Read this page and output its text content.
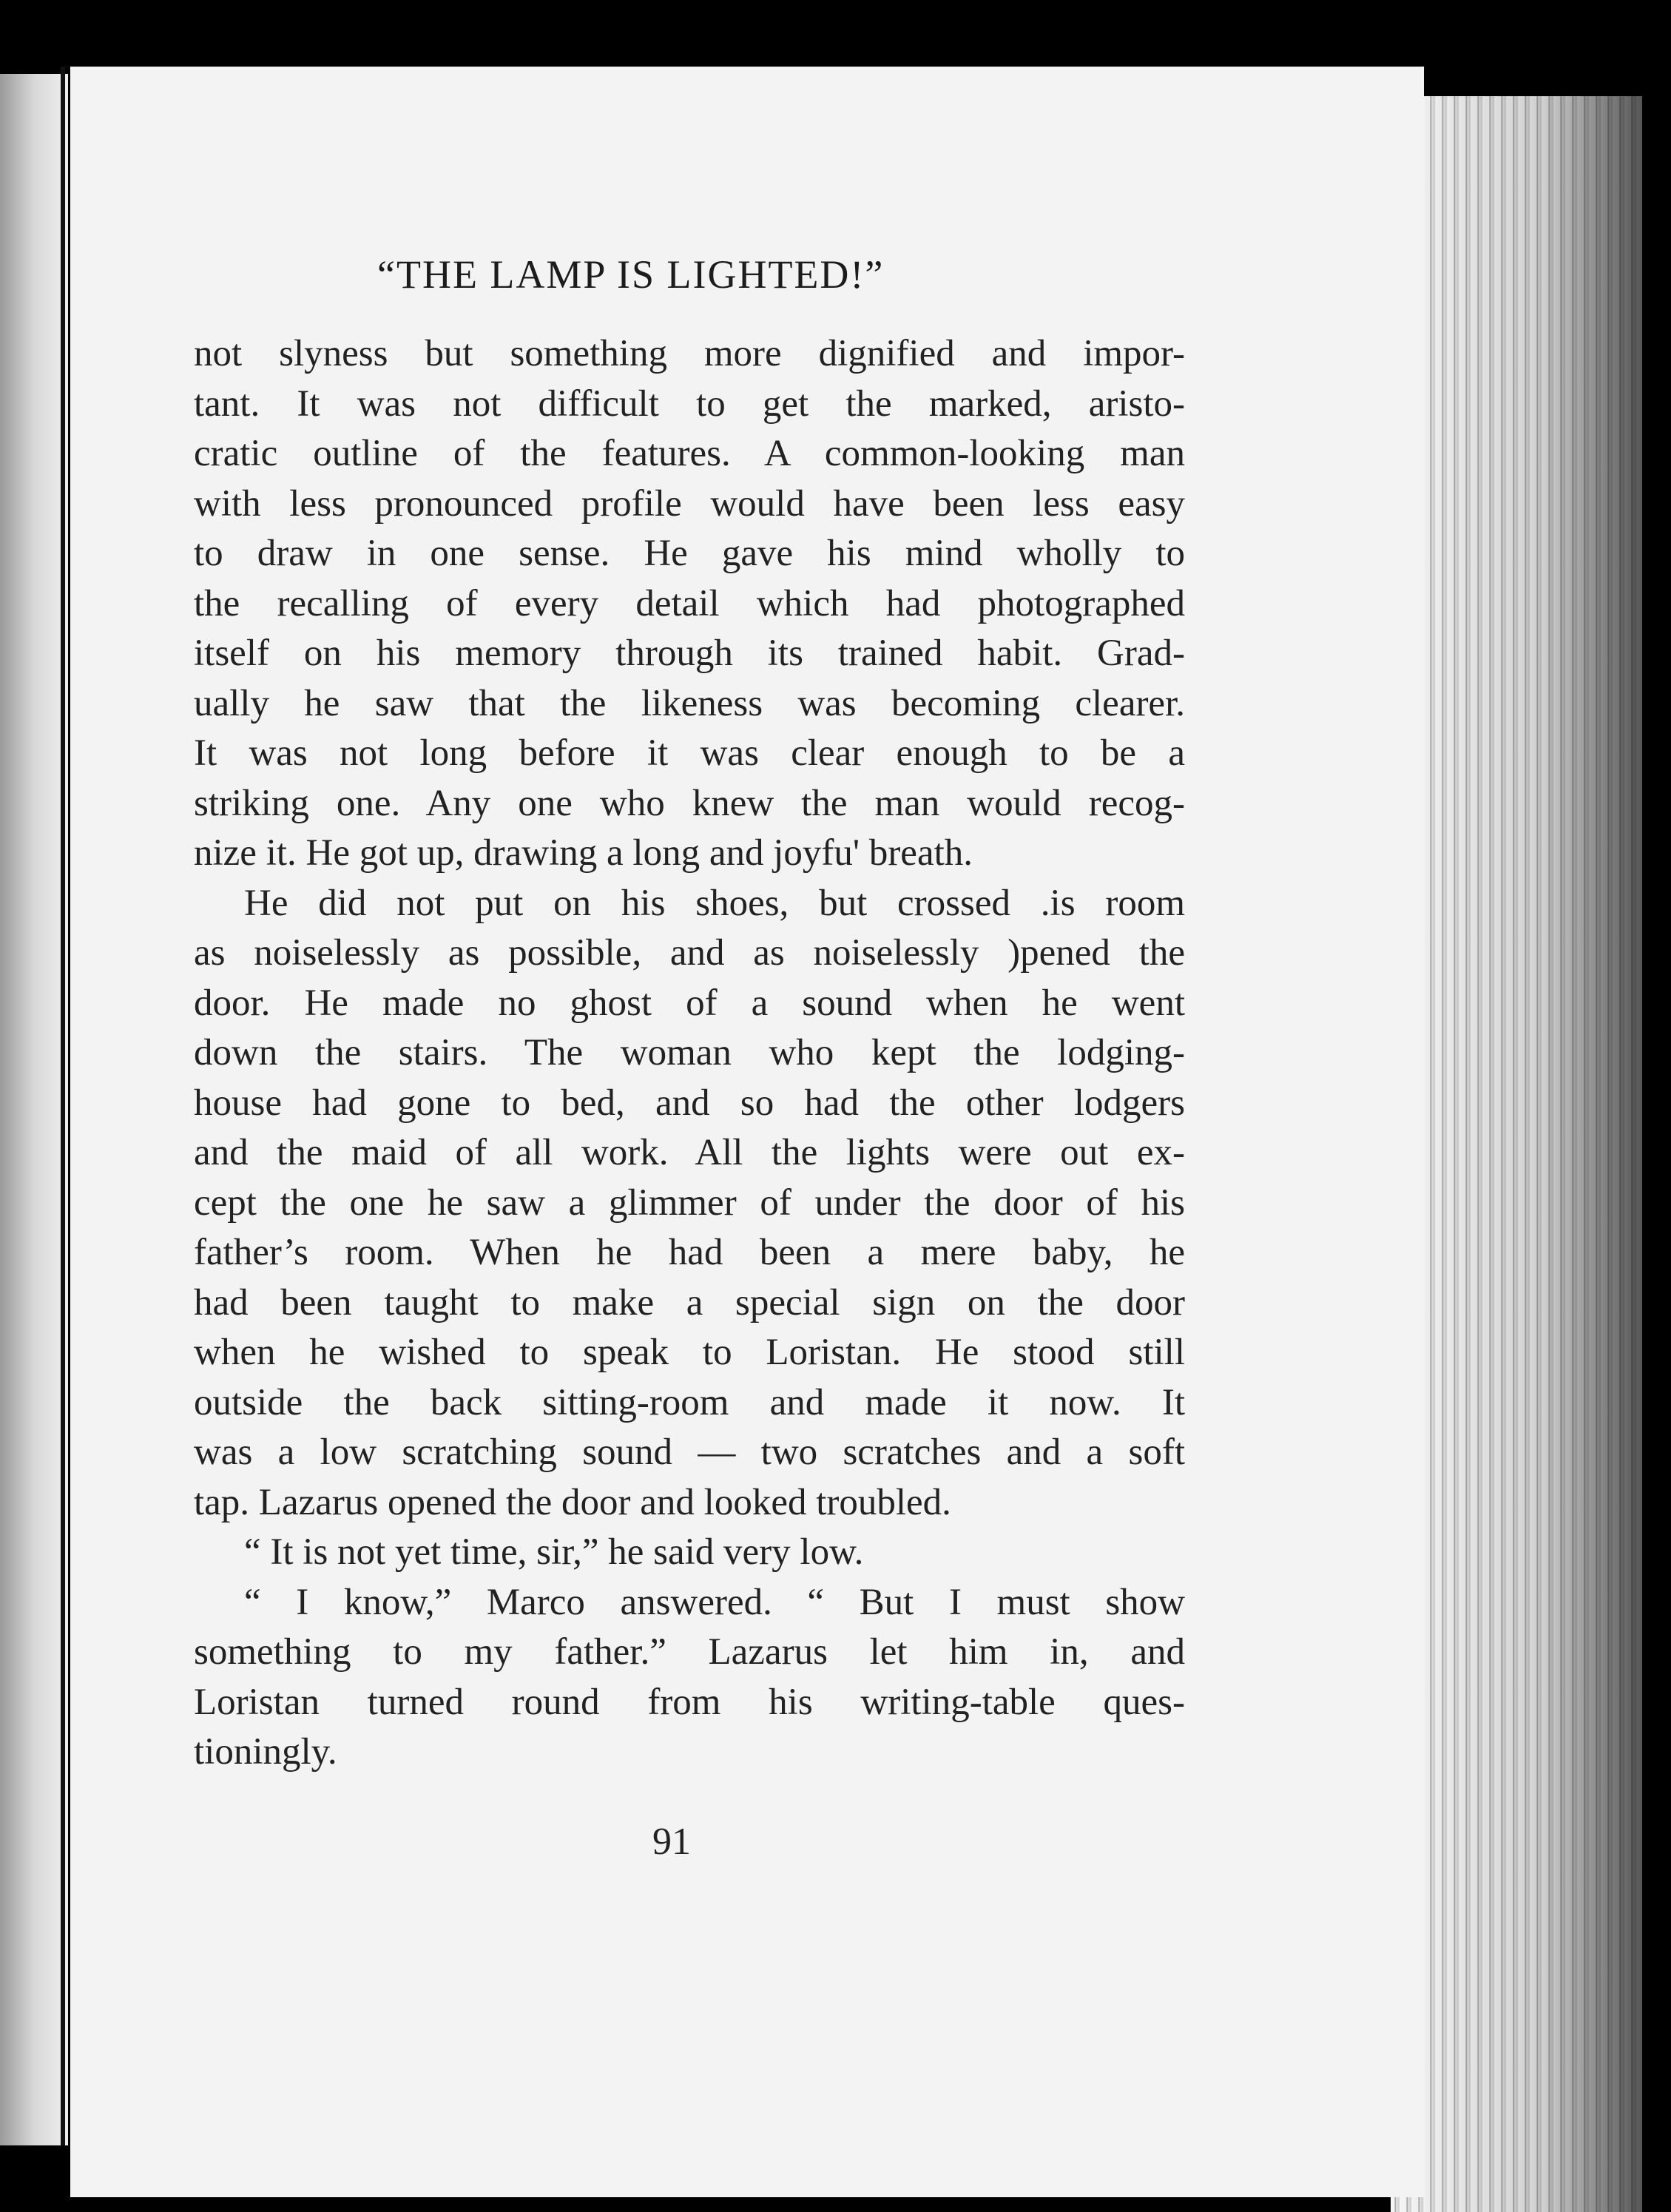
“THE LAMP IS LIGHTED!”
not slyness but something more dignified and impor-
tant. It was not difficult to get the marked, aristo-
cratic outline of the features. A common-looking man
with less pronounced profile would have been less easy
to draw in one sense. He gave his mind wholly to
the recalling of every detail which had photographed
itself on his memory through its trained habit. Grad-
ually he saw that the likeness was becoming clearer.
It was not long before it was clear enough to be a
striking one. Any one who knew the man would recog-
nize it. He got up, drawing a long and joyfu' breath.
He did not put on his shoes, but crossed .is room
as noiselessly as possible, and as noiselessly )pened the
door. He made no ghost of a sound when he went
down the stairs. The woman who kept the lodging-
house had gone to bed, and so had the other lodgers
and the maid of all work. All the lights were out ex-
cept the one he saw a glimmer of under the door of his
father’s room. When he had been a mere baby, he
had been taught to make a special sign on the door
when he wished to speak to Loristan. He stood still
outside the back sitting-room and made it now. It
was a low scratching sound — two scratches and a soft
tap. Lazarus opened the door and looked troubled.
“ It is not yet time, sir,” he said very low.
“ I know,” Marco answered. “ But I must show
something to my father.” Lazarus let him in, and
Loristan turned round from his writing-table ques-
tioningly.
91
